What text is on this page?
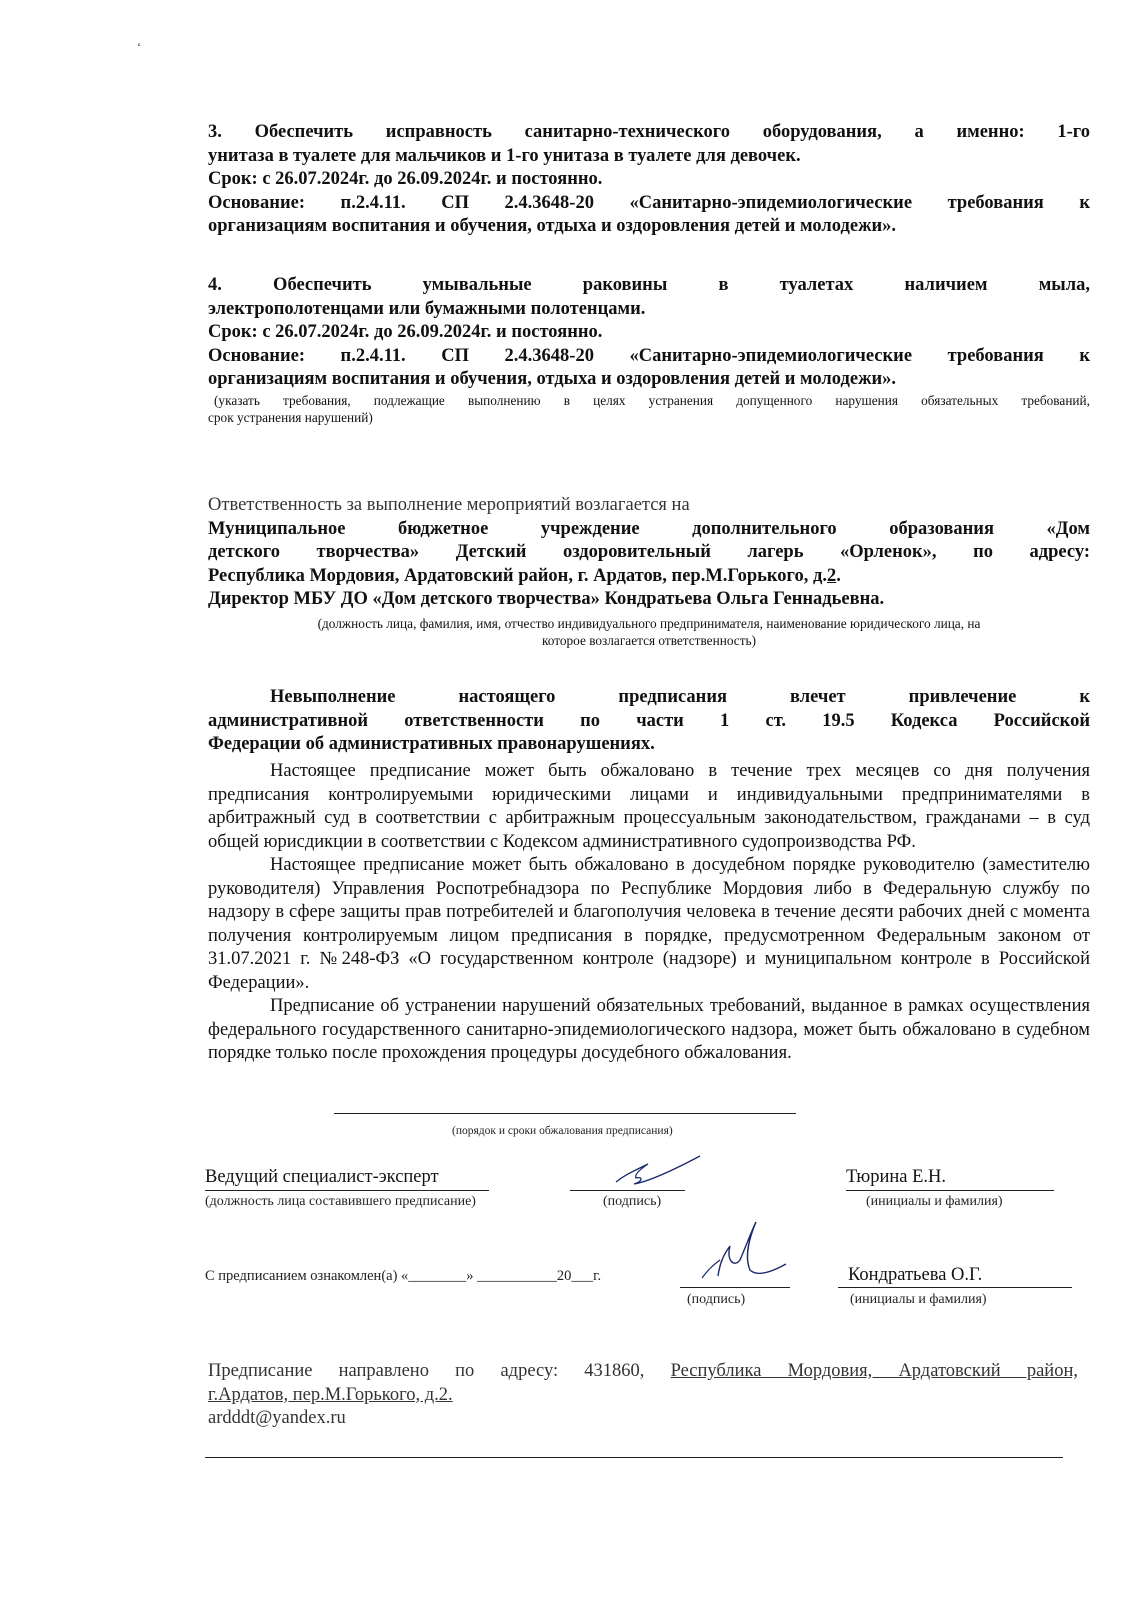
‘

3. Обеспечить исправность санитарно-технического оборудования, а именно: 1-го

унитаза в туалете для мальчиков и 1-го унитаза в туалете для девочек.

Срок: с 26.07.2024г. до 26.09.2024г. и постоянно.

Основание: п.2.4.11. СП 2.4.3648-20 «Санитарно-эпидемиологические требования к

организациям воспитания и обучения, отдыха и оздоровления детей и молодежи».

4. Обеспечить умывальные раковины в туалетах наличием мыла,

электрополотенцами или бумажными полотенцами.

Срок: с 26.07.2024г. до 26.09.2024г. и постоянно.

Основание: п.2.4.11. СП 2.4.3648-20 «Санитарно-эпидемиологические требования к

организациям воспитания и обучения, отдыха и оздоровления детей и молодежи».

(указать требования, подлежащие выполнению в целях устранения допущенного нарушения обязательных требований,

срок устранения нарушений)

Ответственность за выполнение мероприятий возлагается на

Муниципальное бюджетное учреждение дополнительного образования «Дом

детского творчества» Детский оздоровительный лагерь «Орленок», по адресу:

Республика Мордовия, Ардатовский район, г. Ардатов, пер.М.Горького, д.2.

Директор МБУ ДО «Дом детского творчества» Кондратьева Ольга Геннадьевна.

(должность лица, фамилия, имя, отчество индивидуального предпринимателя, наименование юридического лица, на

которое возлагается ответственность)

Невыполнение настоящего предписания влечет привлечение к

административной ответственности по части 1 ст. 19.5 Кодекса Российской

Федерации об административных правонарушениях.

Настоящее предписание может быть обжаловано в течение трех месяцев со дня получения предписания контролируемыми юридическими лицами и индивидуальными предпринимателями в арбитражный суд в соответствии с арбитражным процессуальным законодательством, гражданами – в суд общей юрисдикции в соответствии с Кодексом административного судопроизводства РФ.

Настоящее предписание может быть обжаловано в досудебном порядке руководителю (заместителю руководителя) Управления Роспотребнадзора по Республике Мордовия либо в Федеральную службу по надзору в сфере защиты прав потребителей и благополучия человека в течение десяти рабочих дней с момента получения контролируемым лицом предписания в порядке, предусмотренном Федеральным законом от 31.07.2021 г. №248-ФЗ «О государственном контроле (надзоре) и муниципальном контроле в Российской Федерации».

Предписание об устранении нарушений обязательных требований, выданное в рамках осуществления федерального государственного санитарно-эпидемиологического надзора, может быть обжаловано в судебном порядке только после прохождения процедуры досудебного обжалования.

(порядок и сроки обжалования предписания)
Ведущий специалист-эксперт
(должность лица составившего предписание)	(подпись)
Тюрина Е.Н.
(инициалы и фамилия)
С предписанием ознакомлен(а) «________» ___________20___г.
(подпись)
Кондратьева О.Г.
(инициалы и фамилия)

Предписание направлено по адресу: 431860, Республика Мордовия, Ардатовский район,

г.Ардатов, пер.М.Горького, д.2.

ardddt@yandex.ru
